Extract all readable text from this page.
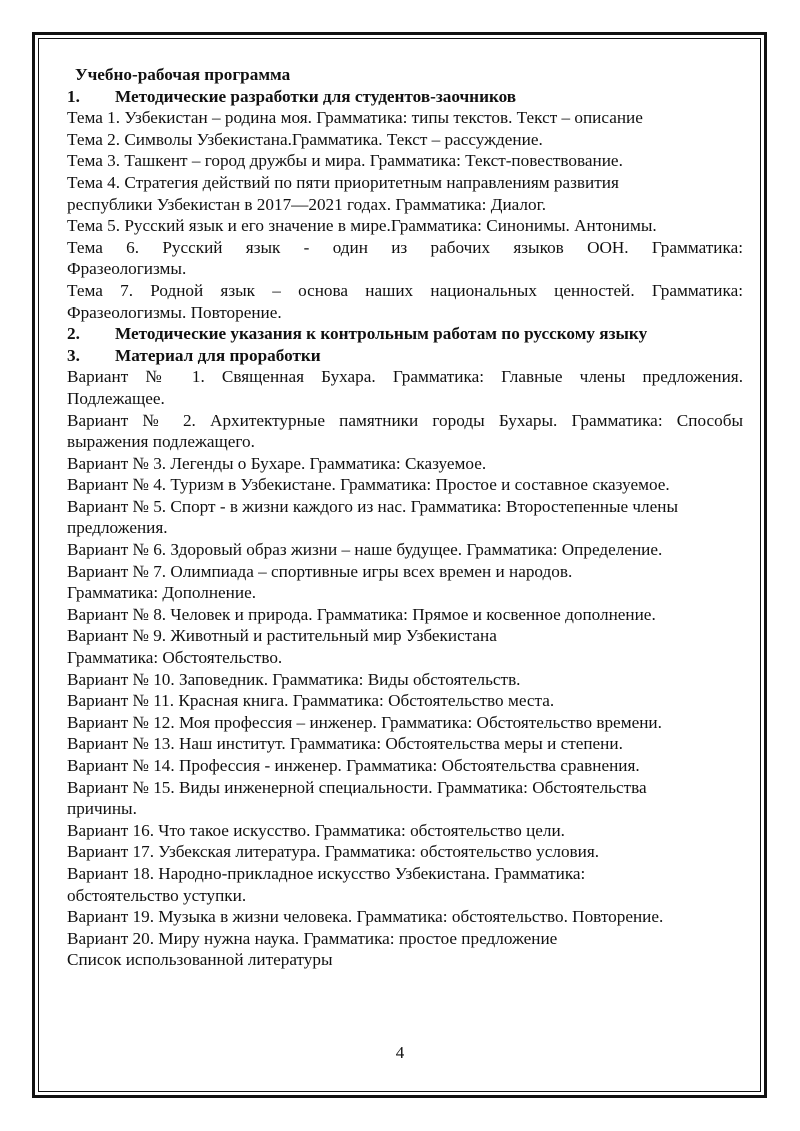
Учебно-рабочая программа
1. Методические разработки для студентов-заочников
Тема 1. Узбекистан – родина моя. Грамматика: типы текстов. Текст – описание
Тема 2. Символы Узбекистана.Грамматика. Текст – рассуждение.
Тема 3. Ташкент – город дружбы и мира. Грамматика: Текст-повествование.
Тема 4. Стратегия действий по пяти приоритетным направлениям развития
республики Узбекистан в 2017—2021 годах. Грамматика: Диалог.
Тема 5. Русский язык и его значение в мире.Грамматика: Синонимы. Антонимы.
Тема 6. Русский язык - один из рабочих языков ООН. Грамматика:
Фразеологизмы.
Тема 7. Родной язык – основа наших национальных ценностей. Грамматика:
Фразеологизмы. Повторение.
2. Методические указания к контрольным работам по русскому языку
3. Материал для проработки
Вариант № 1. Священная Бухара. Грамматика: Главные члены предложения.
Подлежащее.
Вариант № 2. Архитектурные памятники городы Бухары. Грамматика: Способы
выражения подлежащего.
Вариант № 3. Легенды о Бухаре. Грамматика: Сказуемое.
Вариант № 4. Туризм в Узбекистане. Грамматика: Простое и составное сказуемое.
Вариант № 5. Спорт - в жизни каждого из нас. Грамматика: Второстепенные члены
предложения.
Вариант № 6. Здоровый образ жизни – наше будущее. Грамматика: Определение.
Вариант № 7. Олимпиада – спортивные игры всех времен и народов.
Грамматика: Дополнение.
Вариант № 8. Человек и природа. Грамматика: Прямое и косвенное дополнение.
Вариант № 9. Животный и растительный мир Узбекистана
Грамматика: Обстоятельство.
Вариант № 10. Заповедник. Грамматика: Виды обстоятельств.
Вариант № 11. Красная книга. Грамматика: Обстоятельство места.
Вариант № 12. Моя профессия – инженер. Грамматика: Обстоятельство времени.
Вариант № 13. Наш институт. Грамматика: Обстоятельства меры и степени.
Вариант № 14. Профессия - инженер. Грамматика: Обстоятельства сравнения.
Вариант № 15. Виды инженерной специальности. Грамматика: Обстоятельства
причины.
Вариант 16. Что такое искусство. Грамматика: обстоятельство цели.
Вариант 17. Узбекская литература. Грамматика: обстоятельство условия.
Вариант 18. Народно-прикладное искусство Узбекистана. Грамматика:
обстоятельство уступки.
Вариант 19. Музыка в жизни человека. Грамматика: обстоятельство. Повторение.
Вариант 20. Миру нужна наука. Грамматика: простое предложение
Список использованной литературы
4
